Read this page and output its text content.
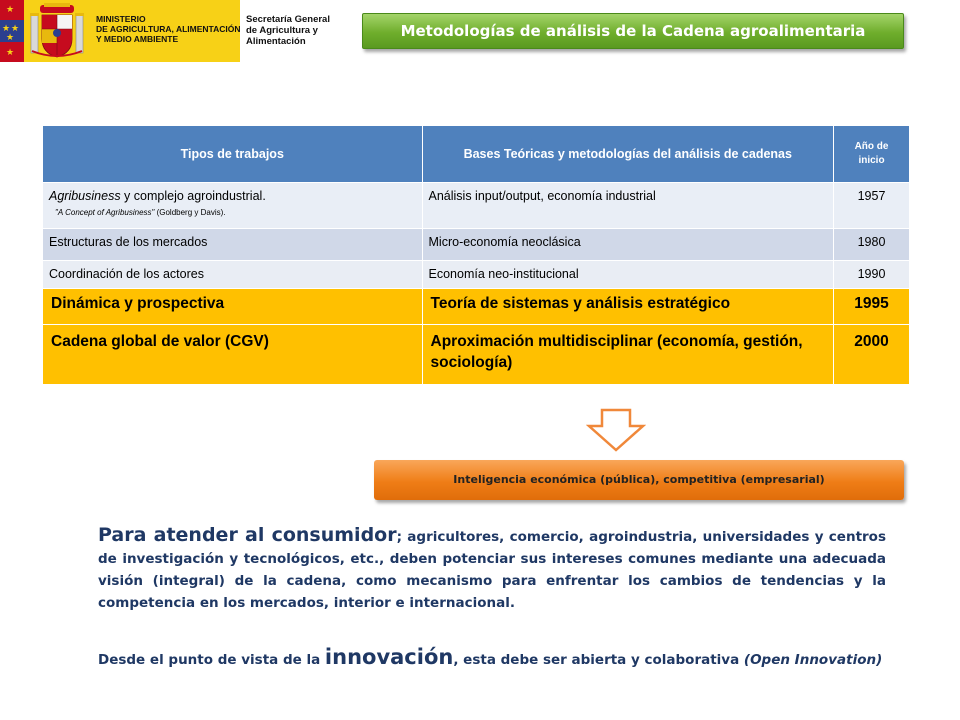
★
★ ★
★
★
MINISTERIO
DE AGRICULTURA, ALIMENTACIÓN
Y MEDIO AMBIENTE
Secretaría General
de Agricultura y
Alimentación
Metodologías de análisis de la Cadena agroalimentaria
Tipos de trabajos	Bases Teóricas y metodologías del análisis de cadenas	Año de inicio
Agribusiness y complejo agroindustrial.
"A Concept of Agribusiness" (Goldberg y Davis).	Análisis input/output, economía industrial	1957
Estructuras de los mercados	Micro-economía neoclásica	1980
Coordinación de los actores	Economía neo-institucional	1990
Dinámica y prospectiva	Teoría de sistemas y análisis estratégico	1995
Cadena global de valor (CGV)	Aproximación multidisciplinar (economía, gestión, sociología)	2000
Inteligencia económica (pública), competitiva (empresarial)

Para atender al consumidor; agricultores, comercio, agroindustria, universidades y centros de investigación y tecnológicos, etc., deben potenciar sus intereses comunes mediante una adecuada visión (integral) de la cadena, como mecanismo para enfrentar los cambios de tendencias y la competencia en los mercados, interior e internacional.

Desde el punto de vista de la innovación, esta debe ser abierta y colaborativa (Open Innovation)
